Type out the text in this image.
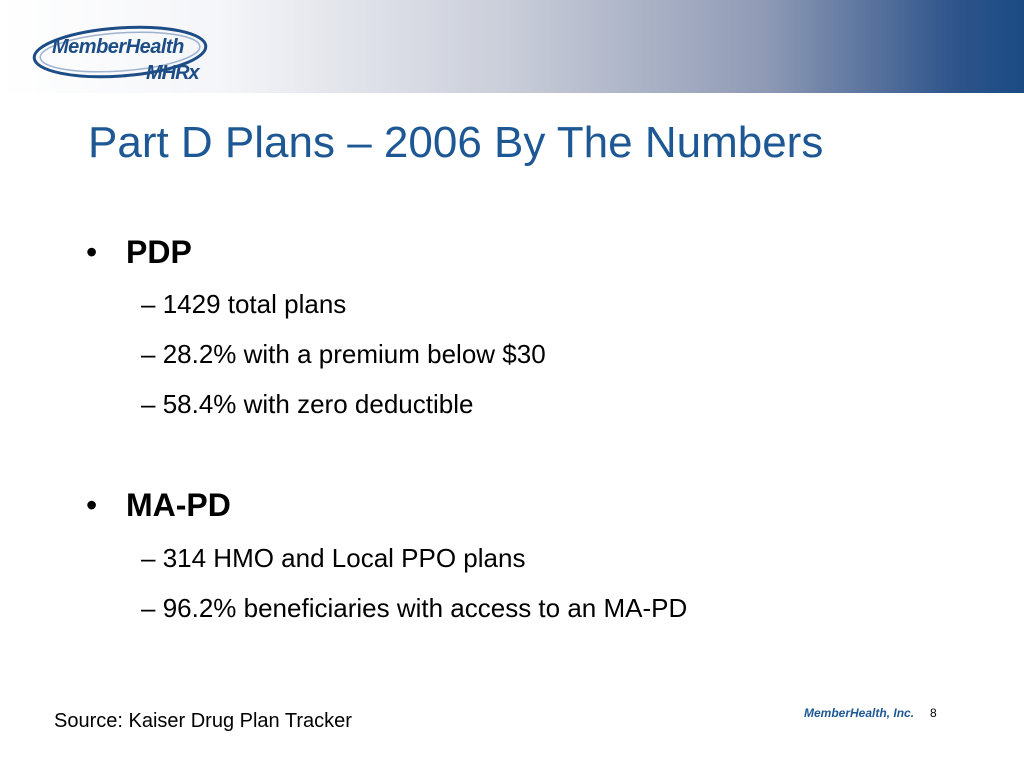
MemberHealth
MHRx
Part D Plans – 2006 By The Numbers
• PDP
– 1429 total plans
– 28.2% with a premium below $30
– 58.4% with zero deductible
• MA-PD
– 314 HMO and Local PPO plans
– 96.2% beneficiaries with access to an MA-PD
Source: Kaiser Drug Plan Tracker	MemberHealth, Inc. 8
